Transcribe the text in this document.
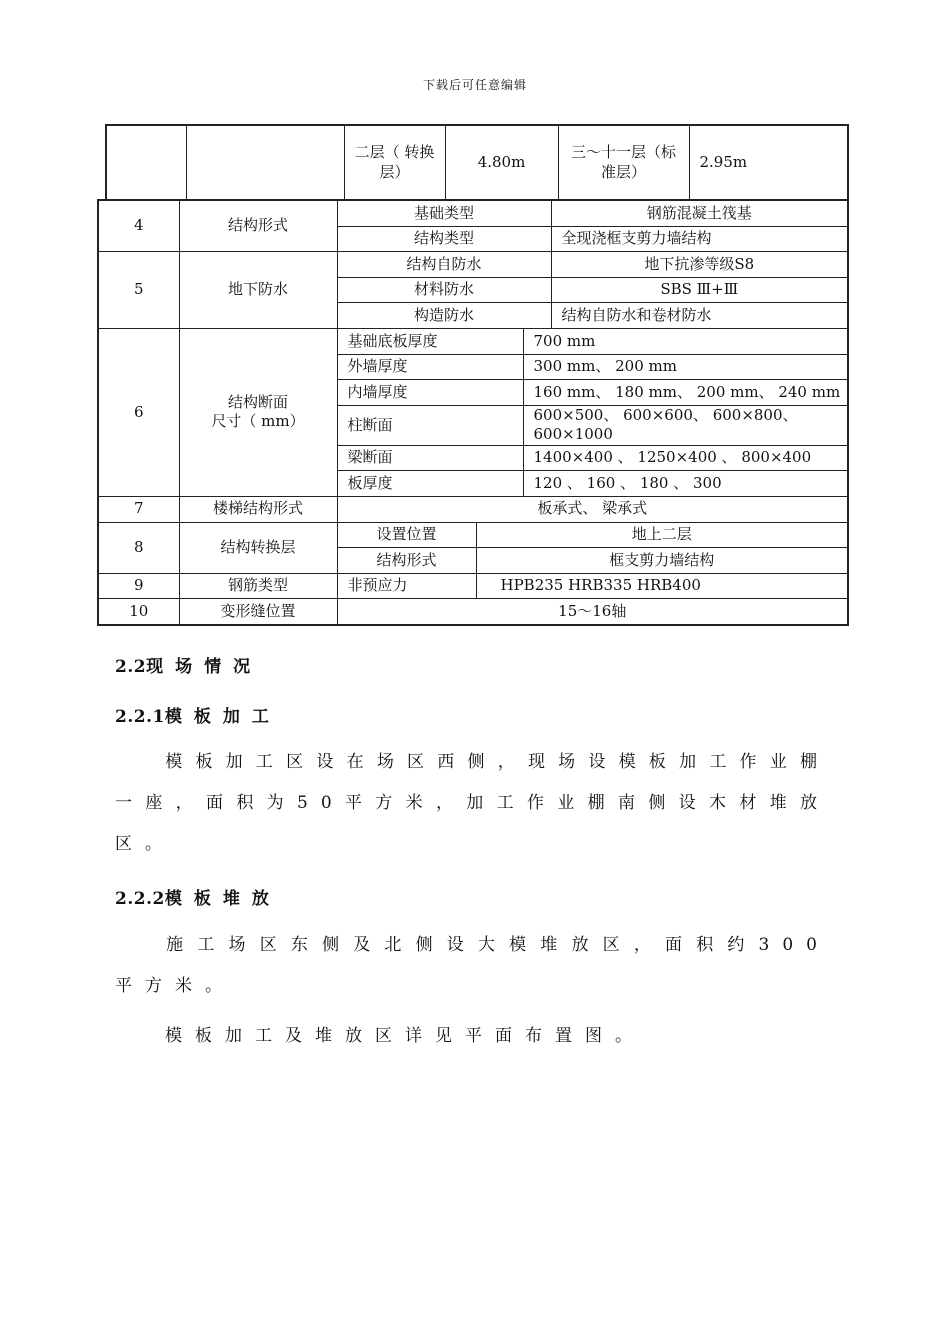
下载后可任意编辑
		二层（ 转换层）	4.80m	三～十一层（标准层）	2.95m
4	结构形式	基础类型			钢筋混凝土筏基
		结构类型			全现浇框支剪力墙结构
5	地下防水	结构自防水			地下抗渗等级S8
		材料防水			SBS Ⅲ+Ⅲ
		构造防水			结构自防水和卷材防水
6	结构断面
尺寸（ mm）	基础底板厚度		700 mm	
		外墙厚度		300 mm、 200 mm	
		内墙厚度		160 mm、 180 mm、 200 mm、 240 mm	
		柱断面		600×500、 600×600、 600×800、600×1000	

		梁断面		1400×400 、 1250×400 、 800×400	
		板厚度		120 、 160 、 180 、 300	
7	楼梯结构形式	板承式、 梁承式			
8	结构转换层	设置位置	地上二层		
		结构形式	框支剪力墙结构		
9	钢筋类型	非预应力	HPB235 HRB335 HRB400		
10	变形缝位置	15～16轴			
2.2现场情况
2.2.1模板加工
模板加工区设在场区西侧，现场设模板加工作业棚一座，面积为50平方米，加工作业棚南侧设木材堆放区。
2.2.2模板堆放
施工场区东侧及北侧设大模堆放区，面积约300平方米。
模板加工及堆放区详见平面布置图。
